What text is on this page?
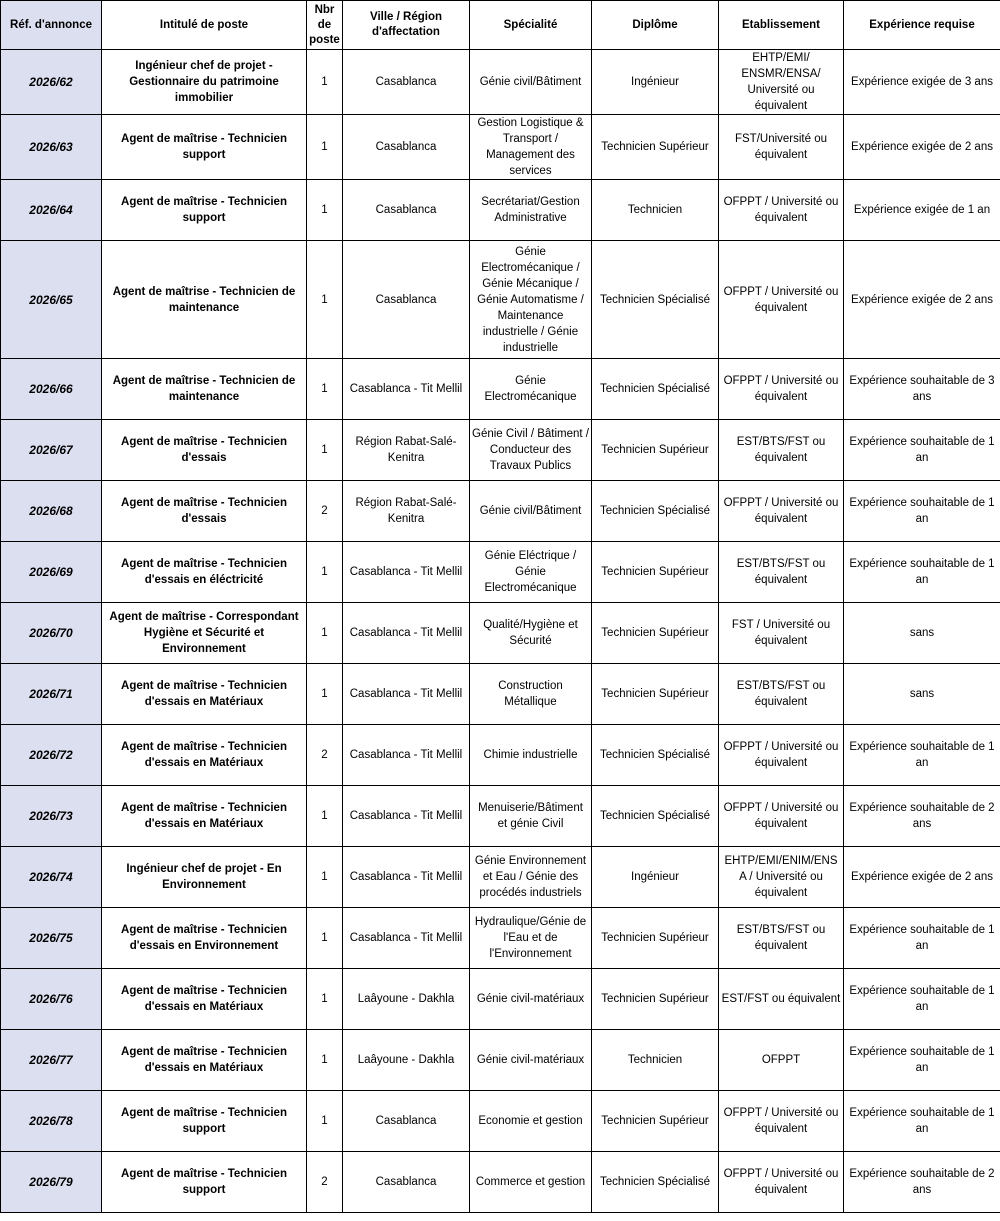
Réf. d'annonce	Intitulé de poste	Nbr de poste	Ville / Région d'affectation	Spécialité	Diplôme	Etablissement	Expérience requise
2026/62	Ingénieur chef de projet - Gestionnaire du patrimoine immobilier	1	Casablanca	Génie civil/Bâtiment	Ingénieur	EHTP/EMI/ ENSMR/ENSA/ Université ou équivalent	Expérience exigée de 3 ans
2026/63	Agent de maîtrise - Technicien support	1	Casablanca	Gestion Logistique & Transport / Management des services	Technicien Supérieur	FST/Université ou équivalent	Expérience exigée de 2 ans
2026/64	Agent de maîtrise - Technicien support	1	Casablanca	Secrétariat/Gestion Administrative	Technicien	OFPPT / Université ou équivalent	Expérience exigée de 1 an
2026/65	Agent de maîtrise - Technicien de maintenance	1	Casablanca	Génie Electromécanique / Génie Mécanique / Génie Automatisme / Maintenance industrielle / Génie industrielle	Technicien Spécialisé	OFPPT / Université ou équivalent	Expérience exigée de 2 ans
2026/66	Agent de maîtrise - Technicien de maintenance	1	Casablanca - Tit Mellil	Génie Electromécanique	Technicien Spécialisé	OFPPT / Université ou équivalent	Expérience souhaitable de 3 ans
2026/67	Agent de maîtrise - Technicien d'essais	1	Région Rabat-Salé-Kenitra	Génie Civil / Bâtiment / Conducteur des Travaux Publics	Technicien Supérieur	EST/BTS/FST ou équivalent	Expérience souhaitable de 1 an
2026/68	Agent de maîtrise - Technicien d'essais	2	Région Rabat-Salé-Kenitra	Génie civil/Bâtiment	Technicien Spécialisé	OFPPT / Université ou équivalent	Expérience souhaitable de 1 an
2026/69	Agent de maîtrise - Technicien d'essais en éléctricité	1	Casablanca - Tit Mellil	Génie Eléctrique / Génie Electromécanique	Technicien Supérieur	EST/BTS/FST ou équivalent	Expérience souhaitable de 1 an
2026/70	Agent de maîtrise - Correspondant Hygiène et Sécurité et Environnement	1	Casablanca - Tit Mellil	Qualité/Hygiène et Sécurité	Technicien Supérieur	FST / Université ou équivalent	sans
2026/71	Agent de maîtrise - Technicien d'essais en Matériaux	1	Casablanca - Tit Mellil	Construction Métallique	Technicien Supérieur	EST/BTS/FST ou équivalent	sans
2026/72	Agent de maîtrise - Technicien d'essais en Matériaux	2	Casablanca - Tit Mellil	Chimie industrielle	Technicien Spécialisé	OFPPT / Université ou équivalent	Expérience souhaitable de 1 an
2026/73	Agent de maîtrise - Technicien d'essais en Matériaux	1	Casablanca - Tit Mellil	Menuiserie/Bâtiment et génie Civil	Technicien Spécialisé	OFPPT / Université ou équivalent	Expérience souhaitable de 2 ans
2026/74	Ingénieur chef de projet - En Environnement	1	Casablanca - Tit Mellil	Génie Environnement et Eau / Génie des procédés industriels	Ingénieur	EHTP/EMI/ENIM/ENSA / Université ou équivalent	Expérience exigée de 2 ans
2026/75	Agent de maîtrise - Technicien d'essais en Environnement	1	Casablanca - Tit Mellil	Hydraulique/Génie de l'Eau et de l'Environnement	Technicien Supérieur	EST/BTS/FST ou équivalent	Expérience souhaitable de 1 an
2026/76	Agent de maîtrise - Technicien d'essais en Matériaux	1	Laâyoune - Dakhla	Génie civil-matériaux	Technicien Supérieur	EST/FST ou équivalent	Expérience souhaitable de 1 an
2026/77	Agent de maîtrise - Technicien d'essais en Matériaux	1	Laâyoune - Dakhla	Génie civil-matériaux	Technicien	OFPPT	Expérience souhaitable de 1 an
2026/78	Agent de maîtrise - Technicien support	1	Casablanca	Economie et gestion	Technicien Supérieur	OFPPT / Université ou équivalent	Expérience souhaitable de 1 an
2026/79	Agent de maîtrise - Technicien support	2	Casablanca	Commerce et gestion	Technicien Spécialisé	OFPPT / Université ou équivalent	Expérience souhaitable de 2 ans
